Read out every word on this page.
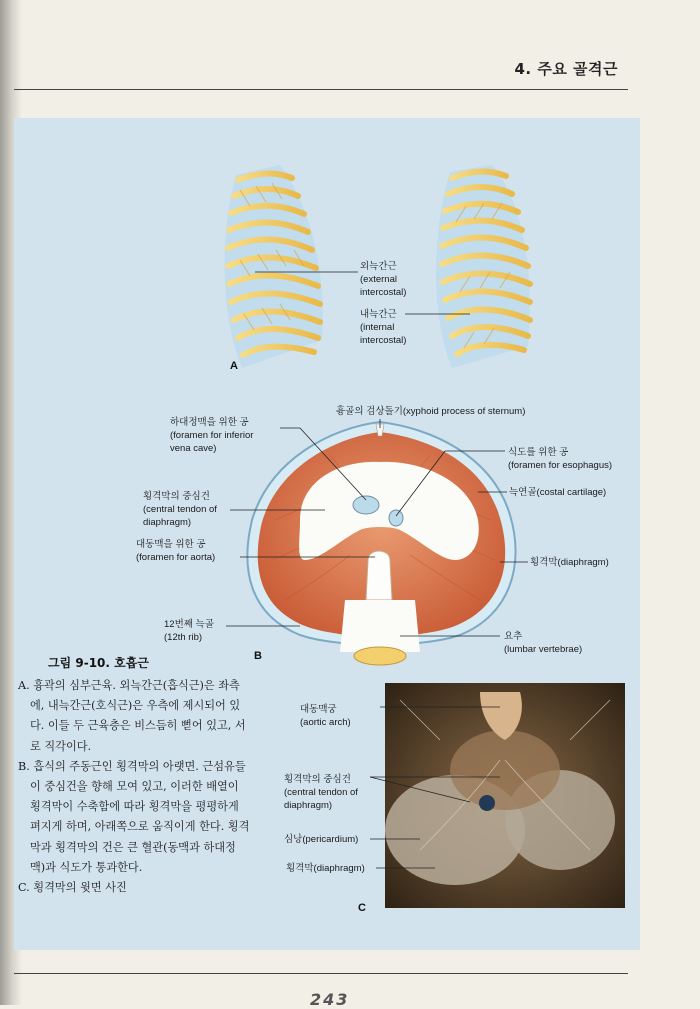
4. 주요 골격근
외늑간근
(external
intercostal)
내늑간근
(internal
intercostal)
A
흉골의 검상돌기(xyphoid process of sternum)
하대정맥을 위한 공
(foramen for inferior
vena cave)	식도를 위한 공
(foramen for esophagus)
늑연골(costal cartilage)
횡격막의 중심건
(central tendon of
diaphragm)
대동맥을 위한 공
(foramen for aorta)	횡격막(diaphragm)
12번째 늑골
(12th rib)	요추
(lumbar vertebrae)
B
그림 9-10. 호흡근

A. 흉곽의 심부근육. 외늑간근(흡식근)은 좌측에, 내늑간근(호식근)은 우측에 제시되어 있다. 이들 두 근육층은 비스듬히 뻗어 있고, 서로 직각이다.

B. 흡식의 주동근인 횡격막의 아랫면. 근섬유들이 중심건을 향해 모여 있고, 이러한 배열이 횡격막이 수축함에 따라 횡격막을 평평하게 펴지게 하며, 아래쪽으로 움직이게 한다. 횡격막과 횡격막의 건은 큰 혈관(동맥과 하대정맥)과 식도가 통과한다.

C. 횡격막의 윗면 사진

대동맥궁
(aortic arch)
횡격막의 중심건
(central tendon of
diaphragm)
심낭(pericardium)
횡격막(diaphragm)
C
243
